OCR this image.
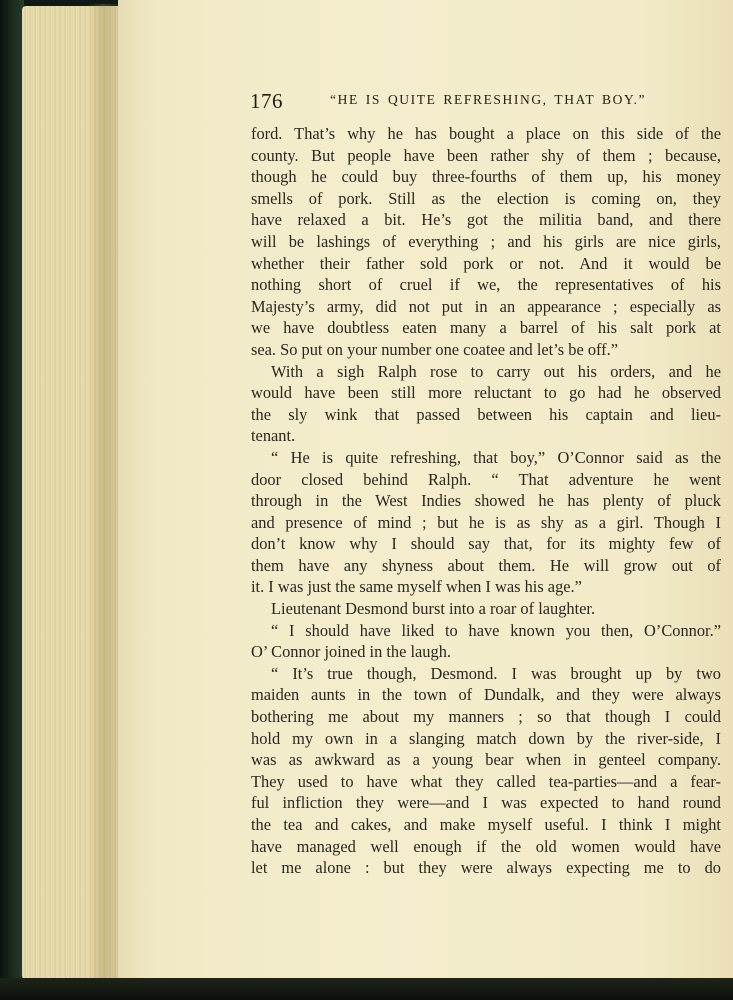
176	“HE IS QUITE REFRESHING, THAT BOY.”
ford. That’s why he has bought a place on this side of the
county. But people have been rather shy of them ; because,
though he could buy three-fourths of them up, his money
smells of pork. Still as the election is coming on, they
have relaxed a bit. He’s got the militia band, and there
will be lashings of everything ; and his girls are nice girls,
whether their father sold pork or not. And it would be
nothing short of cruel if we, the representatives of his
Majesty’s army, did not put in an appearance ; especially as
we have doubtless eaten many a barrel of his salt pork at
sea. So put on your number one coatee and let’s be off.”
With a sigh Ralph rose to carry out his orders, and he
would have been still more reluctant to go had he observed
the sly wink that passed between his captain and lieu-
tenant.
“ He is quite refreshing, that boy,” O’Connor said as the
door closed behind Ralph. “ That adventure he went
through in the West Indies showed he has plenty of pluck
and presence of mind ; but he is as shy as a girl. Though I
don’t know why I should say that, for its mighty few of
them have any shyness about them. He will grow out of
it. I was just the same myself when I was his age.”
Lieutenant Desmond burst into a roar of laughter.
“ I should have liked to have known you then, O’Connor.”
O’ Connor joined in the laugh.
“ It’s true though, Desmond. I was brought up by two
maiden aunts in the town of Dundalk, and they were always
bothering me about my manners ; so that though I could
hold my own in a slanging match down by the river-side, I
was as awkward as a young bear when in genteel company.
They used to have what they called tea-parties—and a fear-
ful infliction they were—and I was expected to hand round
the tea and cakes, and make myself useful. I think I might
have managed well enough if the old women would have
let me alone : but they were always expecting me to do
